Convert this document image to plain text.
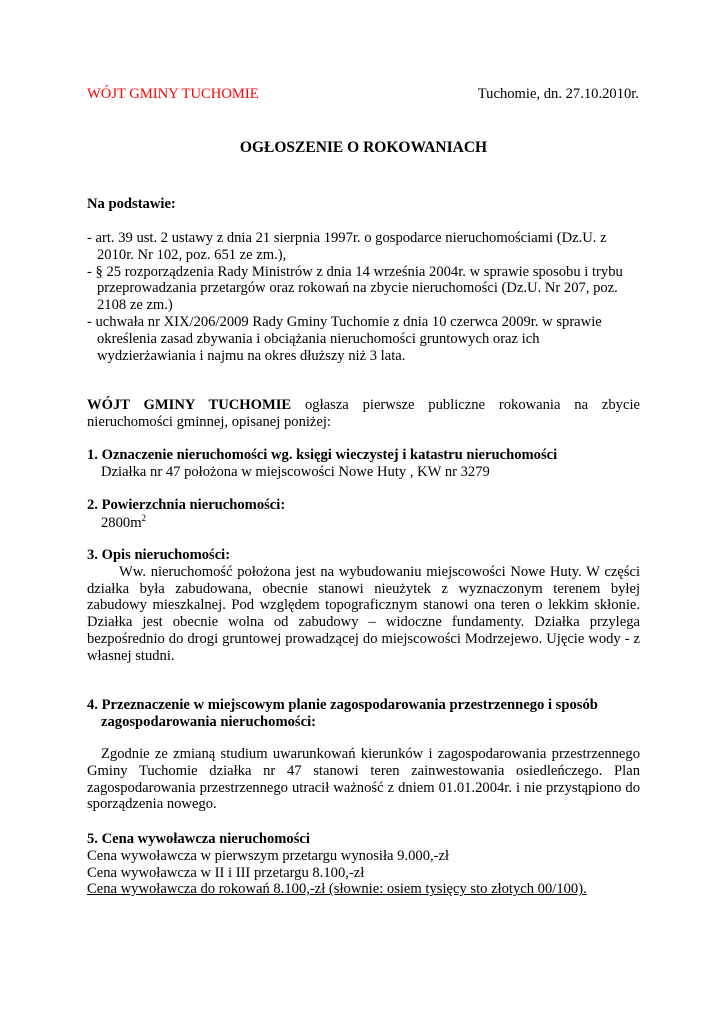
WÓJT GMINY TUCHOMIE	Tuchomie, dn. 27.10.2010r.
OGŁOSZENIE O ROKOWANIACH
Na podstawie:
- art. 39 ust. 2 ustawy z dnia 21 sierpnia 1997r. o gospodarce nieruchomościami (Dz.U. z 2010r. Nr 102, poz. 651 ze zm.),
- § 25 rozporządzenia Rady Ministrów z dnia 14 września 2004r. w sprawie sposobu i trybu przeprowadzania przetargów oraz rokowań na zbycie nieruchomości (Dz.U. Nr 207, poz. 2108 ze zm.)
- uchwała nr XIX/206/2009 Rady Gminy Tuchomie z dnia 10 czerwca 2009r. w sprawie określenia zasad zbywania i obciążania nieruchomości gruntowych oraz ich wydzierżawiania i najmu na okres dłuższy niż 3 lata.
WÓJT GMINY TUCHOMIE ogłasza pierwsze publiczne rokowania na zbycie nieruchomości gminnej, opisanej poniżej:
1. Oznaczenie nieruchomości wg. księgi wieczystej i katastru nieruchomości
Działka nr 47 położona w miejscowości Nowe Huty , KW nr 3279
2. Powierzchnia nieruchomości:
$2800m^2$
3. Opis nieruchomości:
Ww. nieruchomość położona jest na wybudowaniu miejscowości Nowe Huty. W części działka była zabudowana, obecnie stanowi nieużytek z wyznaczonym terenem byłej zabudowy mieszkalnej. Pod względem topograficznym stanowi ona teren o lekkim skłonie. Działka jest obecnie wolna od zabudowy – widoczne fundamenty. Działka przylega bezpośrednio do drogi gruntowej prowadzącej do miejscowości Modrzejewo. Ujęcie wody - z własnej studni.
4. Przeznaczenie w miejscowym planie zagospodarowania przestrzennego i sposób
zagospodarowania nieruchomości:
Zgodnie ze zmianą studium uwarunkowań kierunków i zagospodarowania przestrzennego Gminy Tuchomie działka nr 47 stanowi teren zainwestowania osiedleńczego. Plan zagospodarowania przestrzennego utracił ważność z dniem 01.01.2004r. i nie przystąpiono do sporządzenia nowego.
5. Cena wywoławcza nieruchomości
Cena wywoławcza w pierwszym przetargu wynosiła 9.000,-zł
Cena wywoławcza w II i III przetargu 8.100,-zł
Cena wywoławcza do rokowań 8.100,-zł (słownie: osiem tysięcy sto złotych 00/100).
